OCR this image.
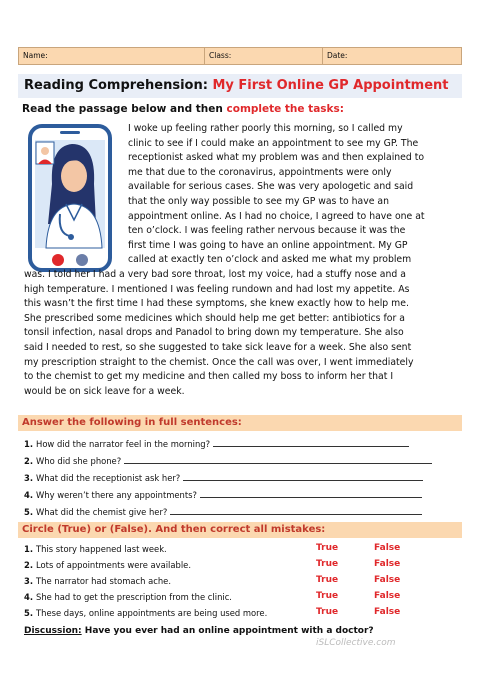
Name:	Class:	Date:
Reading Comprehension: My First Online GP Appointment
Read the passage below and then complete the tasks:
I woke up feeling rather poorly this morning, so I called my
clinic to see if I could make an appointment to see my GP. The
receptionist asked what my problem was and then explained to
me that due to the coronavirus, appointments were only
available for serious cases. She was very apologetic and said
that the only way possible to see my GP was to have an
appointment online. As I had no choice, I agreed to have one at
ten o’clock. I was feeling rather nervous because it was the
first time I was going to have an online appointment. My GP
called at exactly ten o’clock and asked me what my problem
was. I told her I had a very bad sore throat, lost my voice, had a stuffy nose and a
high temperature. I mentioned I was feeling rundown and had lost my appetite. As
this wasn’t the first time I had these symptoms, she knew exactly how to help me.
She prescribed some medicines which should help me get better: antibiotics for a
tonsil infection, nasal drops and Panadol to bring down my temperature. She also
said I needed to rest, so she suggested to take sick leave for a week. She also sent
my prescription straight to the chemist. Once the call was over, I went immediately
to the chemist to get my medicine and then called my boss to inform her that I
would be on sick leave for a week.
Answer the following in full sentences:
1. How did the narrator feel in the morning?
2. Who did she phone?
3. What did the receptionist ask her?
4. Why weren’t there any appointments?
5. What did the chemist give her?
Circle (True) or (False). And then correct all mistakes:
1. This story happened last week.
2. Lots of appointments were available.
3. The narrator had stomach ache.
4. She had to get the prescription from the clinic.
5. These days, online appointments are being used more.
True
True
True
True
True
False
False
False
False
False
Discussion: Have you ever had an online appointment with a doctor?
iSLCollective.com
